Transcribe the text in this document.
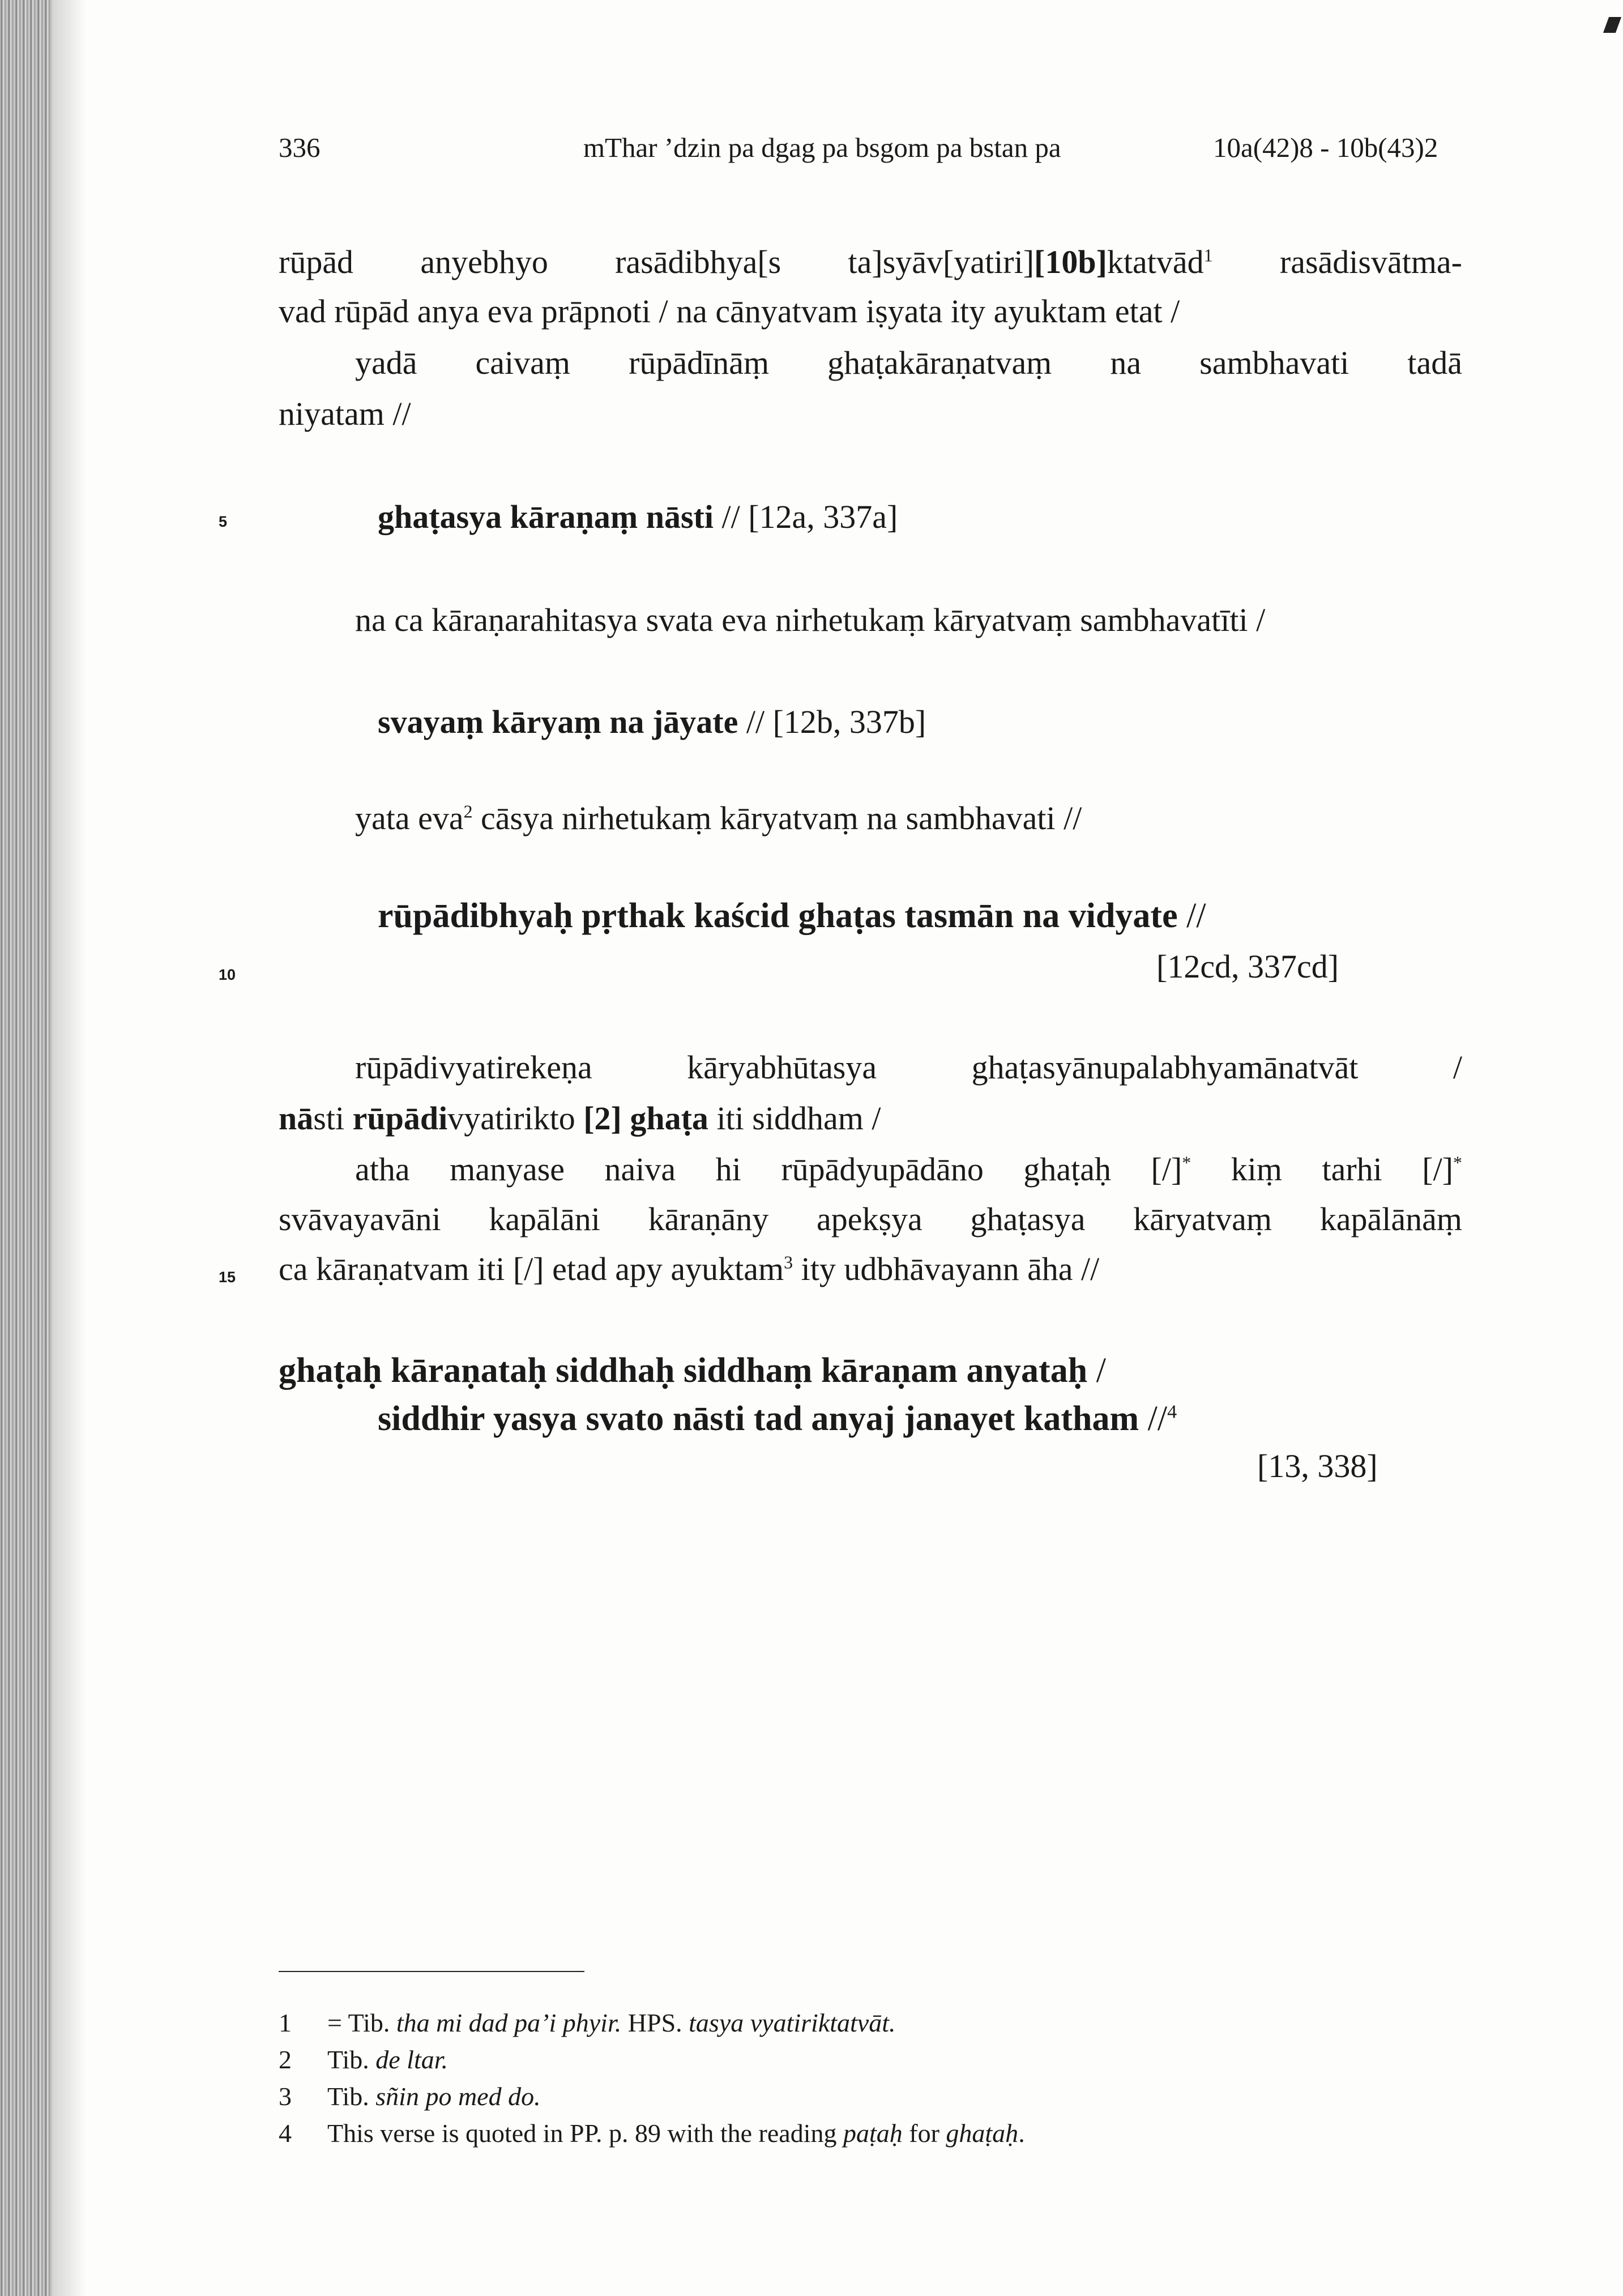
336	mThar ’dzin pa dgag pa bsgom pa bstan pa	10a(42)8 - 10b(43)2
rūpād anyebhyo rasādibhya[s ta]syāv[yatiri][10b]ktatvād$^1$ rasādisvātma-
vad rūpād anya eva prāpnoti / na cānyatvam iṣyata ity ayuktam etat /
yadā caivaṃ rūpādīnāṃ ghaṭakāraṇatvaṃ na sambhavati tadā
niyatam //
5	ghaṭasya kāraṇaṃ nāsti // [12a, 337a]
na ca kāraṇarahitasya svata eva nirhetukaṃ kāryatvaṃ sambhavatīti /
svayaṃ kāryaṃ na jāyate // [12b, 337b]
yata eva$^2$ cāsya nirhetukaṃ kāryatvaṃ na sambhavati //
rūpādibhyaḥ pṛthak kaścid ghaṭas tasmān na vidyate //
10	[12cd, 337cd]
rūpādivyatirekeṇa kāryabhūtasya ghaṭasyānupalabhyamānatvāt /
nāsti rūpādivyatirikto [2] ghaṭa iti siddham /
atha manyase naiva hi rūpādyupādāno ghaṭaḥ [/]* kiṃ tarhi [/]*
svāvayavāni kapālāni kāraṇāny apekṣya ghaṭasya kāryatvaṃ kapālānāṃ
15 ca kāraṇatvam iti [/] etad apy ayuktam$^3$ ity udbhāvayann āha //
ghaṭaḥ kāraṇataḥ siddhaḥ siddhaṃ kāraṇam anyataḥ /
siddhir yasya svato nāsti tad anyaj janayet katham //$^4$
[13, 338]
1 = Tib. tha mi dad pa’i phyir. HPS. tasya vyatiriktatvāt.
2 Tib. de ltar.
3 Tib. sñin po med do.
4 This verse is quoted in PP. p. 89 with the reading paṭaḥ for ghaṭaḥ.
